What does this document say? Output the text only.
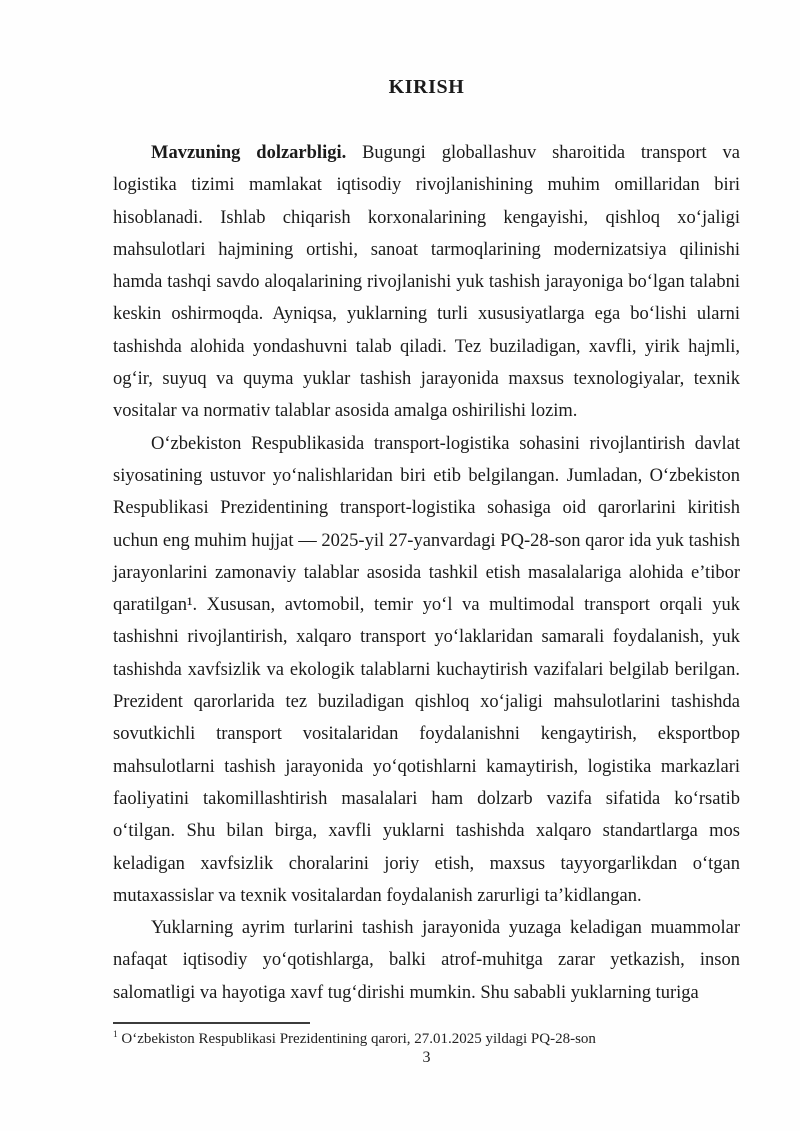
KIRISH
Mavzuning dolzarbligi. Bugungi globallashuv sharoitida transport va
logistika tizimi mamlakat iqtisodiy rivojlanishining muhim omillaridan biri
hisoblanadi. Ishlab chiqarish korxonalarining kengayishi, qishloq xo‘jaligi
mahsulotlari hajmining ortishi, sanoat tarmoqlarining modernizatsiya qilinishi
hamda tashqi savdo aloqalarining rivojlanishi yuk tashish jarayoniga bo‘lgan talabni
keskin oshirmoqda. Ayniqsa, yuklarning turli xususiyatlarga ega bo‘lishi ularni
tashishda alohida yondashuvni talab qiladi. Tez buziladigan, xavfli, yirik hajmli,
og‘ir, suyuq va quyma yuklar tashish jarayonida maxsus texnologiyalar, texnik
vositalar va normativ talablar asosida amalga oshirilishi lozim.
O‘zbekiston Respublikasida transport-logistika sohasini rivojlantirish davlat
siyosatining ustuvor yo‘nalishlaridan biri etib belgilangan. Jumladan, O‘zbekiston
Respublikasi Prezidentining transport-logistika sohasiga oid qarorlarini kiritish
uchun eng muhim hujjat — 2025-yil 27-yanvardagi PQ-28-son qaror ida yuk tashish
jarayonlarini zamonaviy talablar asosida tashkil etish masalalariga alohida e’tibor
qaratilgan¹. Xususan, avtomobil, temir yo‘l va multimodal transport orqali yuk
tashishni rivojlantirish, xalqaro transport yo‘laklaridan samarali foydalanish, yuk
tashishda xavfsizlik va ekologik talablarni kuchaytirish vazifalari belgilab berilgan.
Prezident qarorlarida tez buziladigan qishloq xo‘jaligi mahsulotlarini tashishda
sovutkichli transport vositalaridan foydalanishni kengaytirish, eksportbop
mahsulotlarni tashish jarayonida yo‘qotishlarni kamaytirish, logistika markazlari
faoliyatini takomillashtirish masalalari ham dolzarb vazifa sifatida ko‘rsatib
o‘tilgan. Shu bilan birga, xavfli yuklarni tashishda xalqaro standartlarga mos
keladigan xavfsizlik choralarini joriy etish, maxsus tayyorgarlikdan o‘tgan
mutaxassislar va texnik vositalardan foydalanish zarurligi ta’kidlangan.
Yuklarning ayrim turlarini tashish jarayonida yuzaga keladigan muammolar
nafaqat iqtisodiy yo‘qotishlarga, balki atrof-muhitga zarar yetkazish, inson
salomatligi va hayotiga xavf tug‘dirishi mumkin. Shu sababli yuklarning turiga
$^1$ O‘zbekiston Respublikasi Prezidentining qarori, 27.01.2025 yildagi PQ-28-son
3
